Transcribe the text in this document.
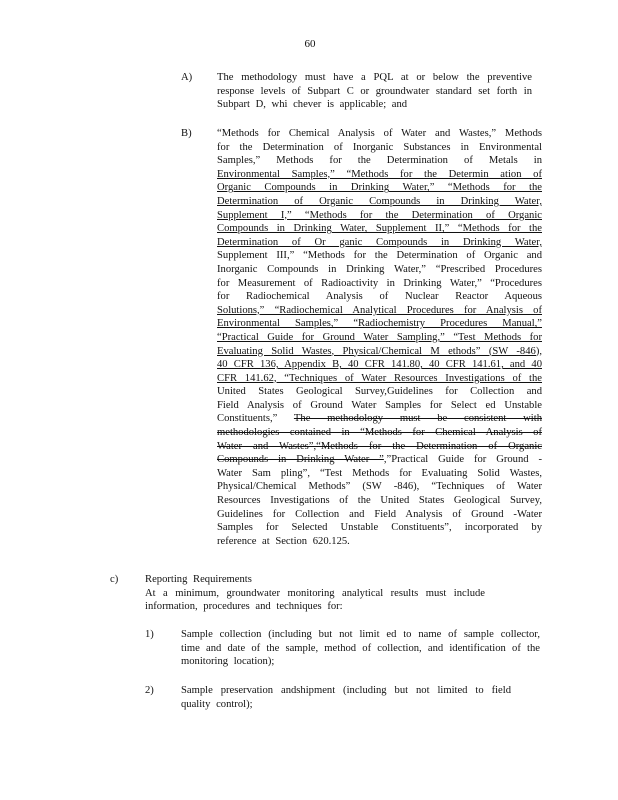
60
A) The methodology must have a PQL at or below the preventive
response levels of Subpart C or groundwater standard set forth in
Subpart D, whi chever is applicable; and
B) “Methods for Chemical Analysis of Water and Wastes,” Methods
for the Determination of Inorganic Substances in Environmental
Samples,” Methods for the Determination of Metals in
Environmental Samples,” “Methods for the Determin ation of
Organic Compounds in Drinking Water,” “Methods for the
Determination of Organic Compounds in Drinking Water,
Supplement I,” “Methods for the Determination of Organic
Compounds in Drinking Water, Supplement II,” “Methods for the
Determination of Or ganic Compounds in Drinking Water,
Supplement III,” “Methods for the Determination of Organic and
Inorganic Compounds in Drinking Water,” “Prescribed Procedures
for Measurement of Radioactivity in Drinking Water,” “Procedures
for Radiochemical Analysis of Nuclear Reactor Aqueous
Solutions,” “Radiochemical Analytical Procedures for Analysis of
Environmental Samples,” “Radiochemistry Procedures Manual,”
“Practical Guide for Ground Water Sampling,” “Test Methods for
Evaluating Solid Wastes, Physical/Chemical M ethods” (SW -846),
40 CFR 136, Appendix B, 40 CFR 141.80, 40 CFR 141.61, and 40
CFR 141.62, “Techniques of Water Resources Investigations of the
United States Geological Survey,Guidelines for Collection and
Field Analysis of Ground Water Samples for Select ed Unstable
Constituents,” The methodology must be consistent with
methodologies contained in “Methods for Chemical Analysis of
Water and Wastes”,“Methods for the Determination of Organic
Compounds in Drinking Water ”,”Practical Guide for Ground -
Water Sam pling”, “Test Methods for Evaluating Solid Wastes,
Physical/Chemical Methods” (SW -846), “Techniques of Water
Resources Investigations of the United States Geological Survey,
Guidelines for Collection and Field Analysis of Ground -Water
Samples for Selected Unstable Constituents”, incorporated by
reference at Section 620.125.
c)	Reporting Requirements
At a minimum, groundwater monitoring analytical results must include
information, procedures and techniques for:
1)	Sample collection (including but not limit ed to name of sample collector,
time and date of the sample, method of collection, and identification of the
monitoring location);
2)	Sample preservation andshipment (including but not limited to field
quality control);
